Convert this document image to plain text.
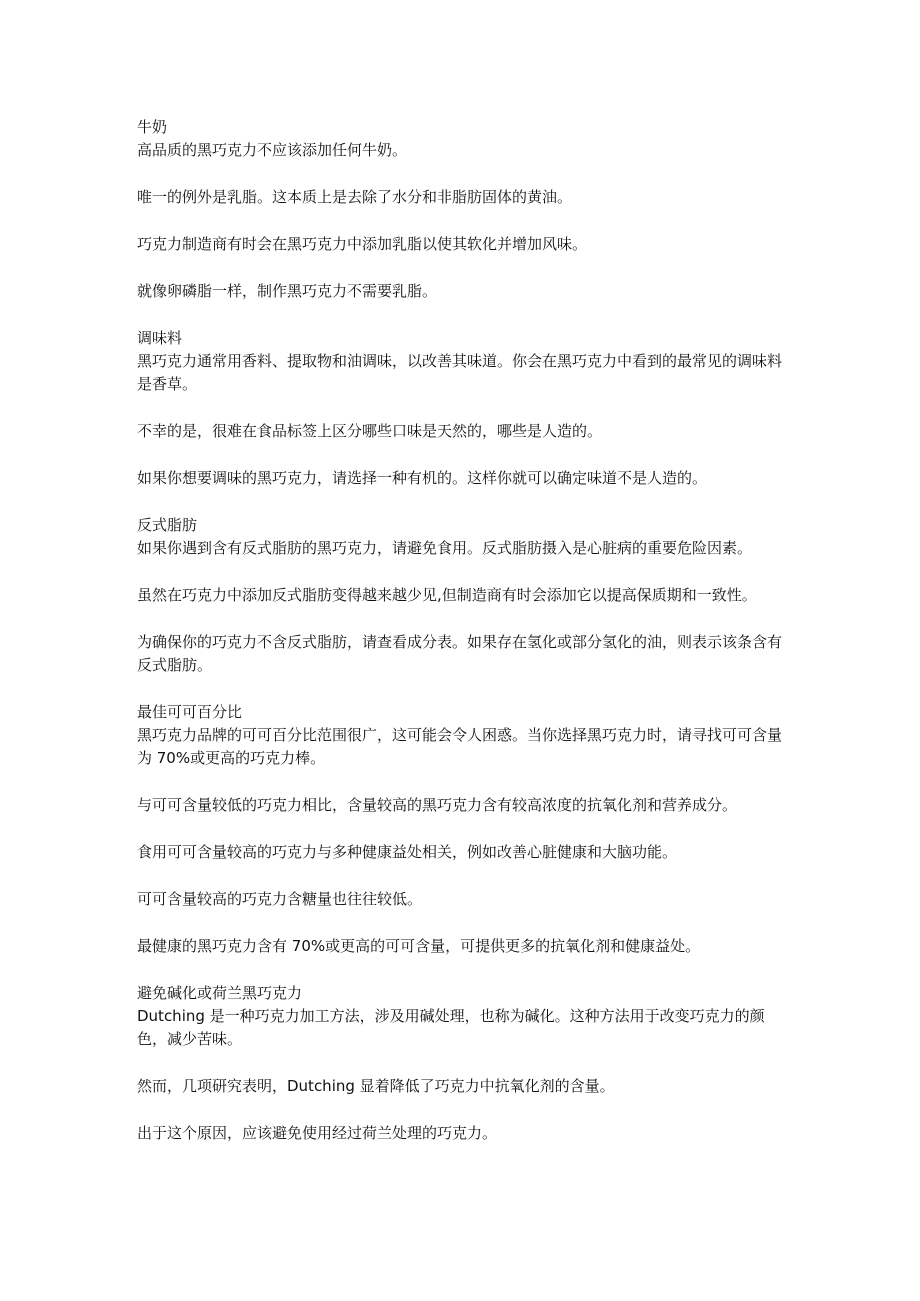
牛奶

高品质的黑巧克力不应该添加任何牛奶。

唯一的例外是乳脂。这本质上是去除了水分和非脂肪固体的黄油。

巧克力制造商有时会在黑巧克力中添加乳脂以使其软化并增加风味。

就像卵磷脂一样，制作黑巧克力不需要乳脂。

调味料

黑巧克力通常用香料、提取物和油调味，以改善其味道。你会在黑巧克力中看到的最常见的调味料是香草。

不幸的是，很难在食品标签上区分哪些口味是天然的，哪些是人造的。

如果你想要调味的黑巧克力，请选择一种有机的。这样你就可以确定味道不是人造的。

反式脂肪

如果你遇到含有反式脂肪的黑巧克力，请避免食用。反式脂肪摄入是心脏病的重要危险因素。

虽然在巧克力中添加反式脂肪变得越来越少见,但制造商有时会添加它以提高保质期和一致性。

为确保你的巧克力不含反式脂肪，请查看成分表。如果存在氢化或部分氢化的油，则表示该条含有反式脂肪。

最佳可可百分比

黑巧克力品牌的可可百分比范围很广，这可能会令人困惑。当你选择黑巧克力时，请寻找可可含量为 70%或更高的巧克力棒。

与可可含量较低的巧克力相比，含量较高的黑巧克力含有较高浓度的抗氧化剂和营养成分。

食用可可含量较高的巧克力与多种健康益处相关，例如改善心脏健康和大脑功能。

可可含量较高的巧克力含糖量也往往较低。

最健康的黑巧克力含有 70%或更高的可可含量，可提供更多的抗氧化剂和健康益处。

避免碱化或荷兰黑巧克力

Dutching 是一种巧克力加工方法，涉及用碱处理，也称为碱化。这种方法用于改变巧克力的颜色，减少苦味。

然而，几项研究表明，Dutching 显着降低了巧克力中抗氧化剂的含量。

出于这个原因，应该避免使用经过荷兰处理的巧克力。
